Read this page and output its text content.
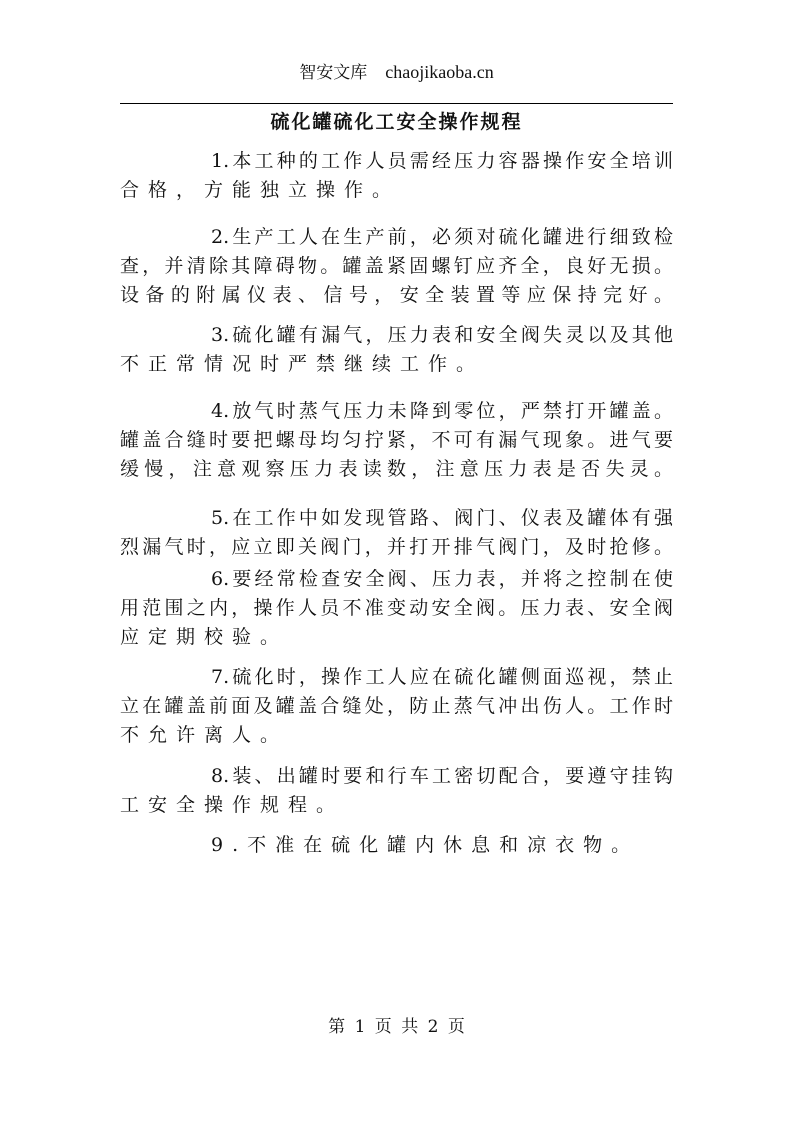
智安文库 chaojikaoba.cn
硫化罐硫化工安全操作规程
1.本工种的工作人员需经压力容器操作安全培训
合格，方能独立操作。
2.生产工人在生产前，必须对硫化罐进行细致检
查，并清除其障碍物。罐盖紧固螺钉应齐全，良好无损。
设备的附属仪表、信号，安全装置等应保持完好。
3.硫化罐有漏气，压力表和安全阀失灵以及其他
不正常情况时严禁继续工作。
4.放气时蒸气压力未降到零位，严禁打开罐盖。
罐盖合缝时要把螺母均匀拧紧，不可有漏气现象。进气要
缓慢，注意观察压力表读数，注意压力表是否失灵。
5.在工作中如发现管路、阀门、仪表及罐体有强
烈漏气时，应立即关阀门，并打开排气阀门，及时抢修。
6.要经常检查安全阀、压力表，并将之控制在使
用范围之内，操作人员不准变动安全阀。压力表、安全阀
应定期校验。
7.硫化时，操作工人应在硫化罐侧面巡视，禁止
立在罐盖前面及罐盖合缝处，防止蒸气冲出伤人。工作时
不允许离人。
8.装、出罐时要和行车工密切配合，要遵守挂钩
工安全操作规程。
9.不准在硫化罐内休息和凉衣物。
第 1 页 共 2 页
